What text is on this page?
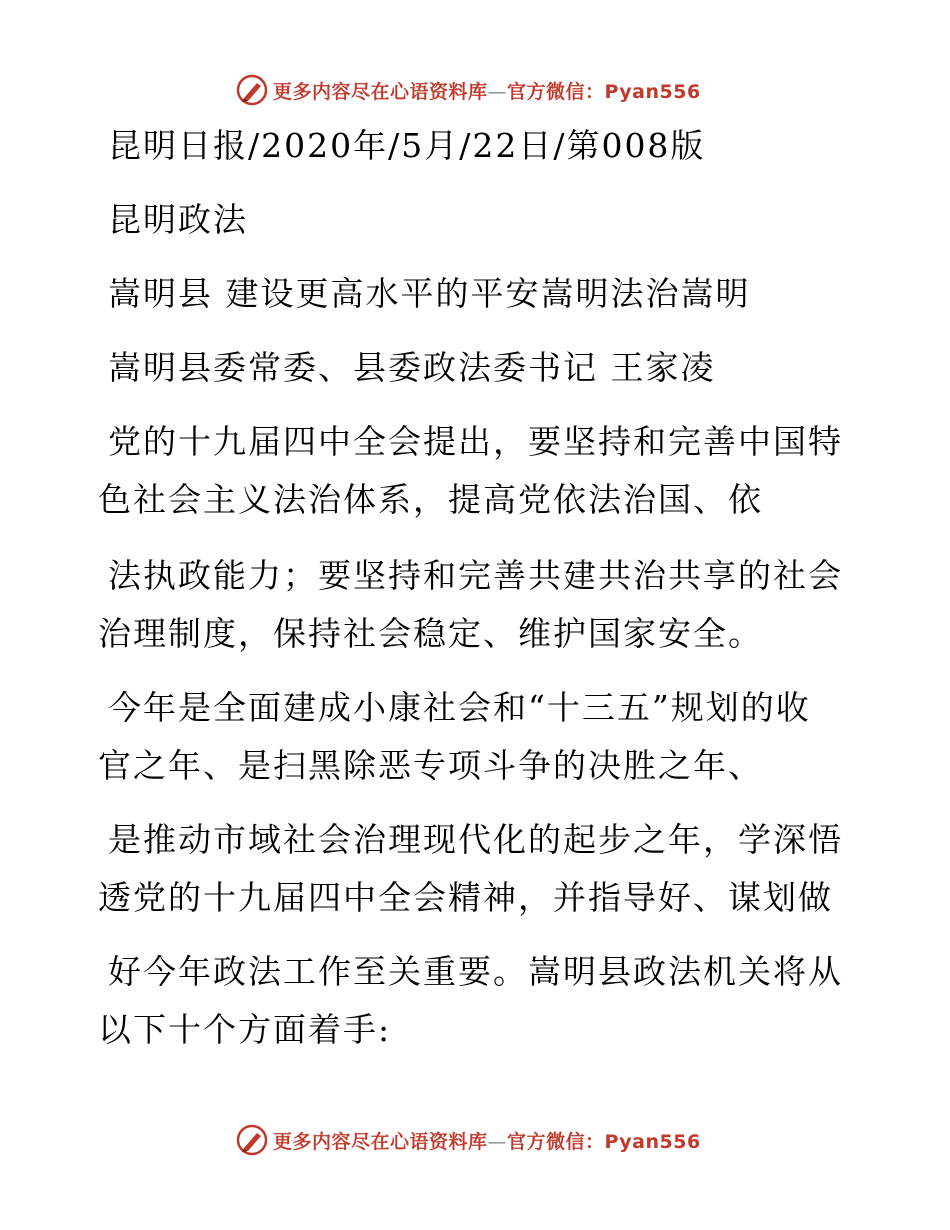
更多内容尽在心语资料库—官方微信：Pyan556
昆明日报/2020年/5月/22日/第008版
昆明政法
嵩明县 建设更高水平的平安嵩明法治嵩明
嵩明县委常委、县委政法委书记 王家凌
党的十九届四中全会提出，要坚持和完善中国特
色社会主义法治体系，提高党依法治国、依
法执政能力；要坚持和完善共建共治共享的社会
治理制度，保持社会稳定、维护国家安全。
今年是全面建成小康社会和“十三五”规划的收
官之年、是扫黑除恶专项斗争的决胜之年、
是推动市域社会治理现代化的起步之年，学深悟
透党的十九届四中全会精神，并指导好、谋划做
好今年政法工作至关重要。嵩明县政法机关将从
以下十个方面着手:
更多内容尽在心语资料库—官方微信：Pyan556
